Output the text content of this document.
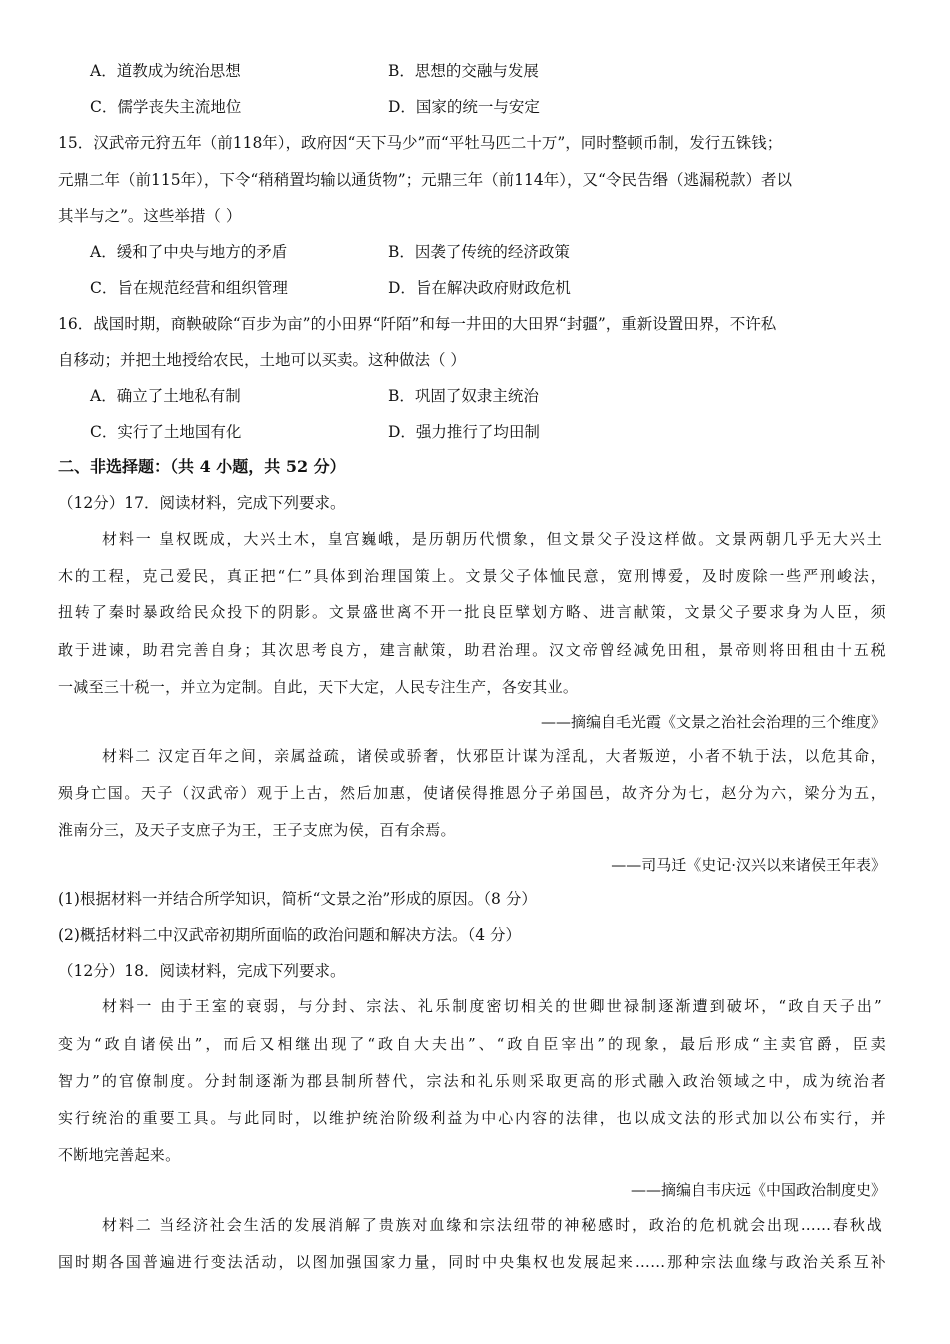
A．道教成为统治思想	B．思想的交融与发展
C．儒学丧失主流地位	D．国家的统一与安定
15．汉武帝元狩五年（前118年），政府因“天下马少”而“平牡马匹二十万”，同时整顿币制，发行五铢钱；
元鼎二年（前115年），下令“稍稍置均输以通货物”；元鼎三年（前114年），又“令民告缗（逃漏税款）者以
其半与之”。这些举措（ ）
A．缓和了中央与地方的矛盾	B．因袭了传统的经济政策
C．旨在规范经营和组织管理	D．旨在解决政府财政危机
16．战国时期，商鞅破除“百步为亩”的小田界“阡陌”和每一井田的大田界“封疆”，重新设置田界，不许私
自移动；并把土地授给农民，土地可以买卖。这种做法（ ）
A．确立了土地私有制	B．巩固了奴隶主统治
C．实行了土地国有化	D．强力推行了均田制
二、非选择题：（共 4 小题，共 52 分）
（12分）17．阅读材料，完成下列要求。
材料一 皇权既成，大兴土木，皇宫巍峨，是历朝历代惯象，但文景父子没这样做。文景两朝几乎无大兴土
木的工程，克己爱民，真正把“仁”具体到治理国策上。文景父子体恤民意，宽刑博爱，及时废除一些严刑峻法，
扭转了秦时暴政给民众投下的阴影。文景盛世离不开一批良臣擘划方略、进言献策，文景父子要求身为人臣，须
敢于进谏，助君完善自身；其次思考良方，建言献策，助君治理。汉文帝曾经减免田租，景帝则将田租由十五税
一减至三十税一，并立为定制。自此，天下大定，人民专注生产，各安其业。
——摘编自毛光霞《文景之治社会治理的三个维度》
材料二 汉定百年之间，亲属益疏，诸侯或骄奢，忕邪臣计谋为淫乱，大者叛逆，小者不轨于法，以危其命，
殒身亡国。天子（汉武帝）观于上古，然后加惠，使诸侯得推恩分子弟国邑，故齐分为七，赵分为六，梁分为五，
淮南分三，及天子支庶子为王，王子支庶为侯，百有余焉。
——司马迁《史记·汉兴以来诸侯王年表》
(1)根据材料一并结合所学知识，简析“文景之治”形成的原因。（8 分）
(2)概括材料二中汉武帝初期所面临的政治问题和解决方法。（4 分）
（12分）18．阅读材料，完成下列要求。
材料一 由于王室的衰弱，与分封、宗法、礼乐制度密切相关的世卿世禄制逐渐遭到破坏，“政自天子出”
变为“政自诸侯出”，而后又相继出现了“政自大夫出”、“政自臣宰出”的现象，最后形成“主卖官爵，臣卖
智力”的官僚制度。分封制逐渐为郡县制所替代，宗法和礼乐则采取更高的形式融入政治领域之中，成为统治者
实行统治的重要工具。与此同时，以维护统治阶级利益为中心内容的法律，也以成文法的形式加以公布实行，并
不断地完善起来。
——摘编自韦庆远《中国政治制度史》
材料二 当经济社会生活的发展消解了贵族对血缘和宗法纽带的神秘感时，政治的危机就会出现……春秋战
国时期各国普遍进行变法活动，以图加强国家力量，同时中央集权也发展起来……那种宗法血缘与政治关系互补
